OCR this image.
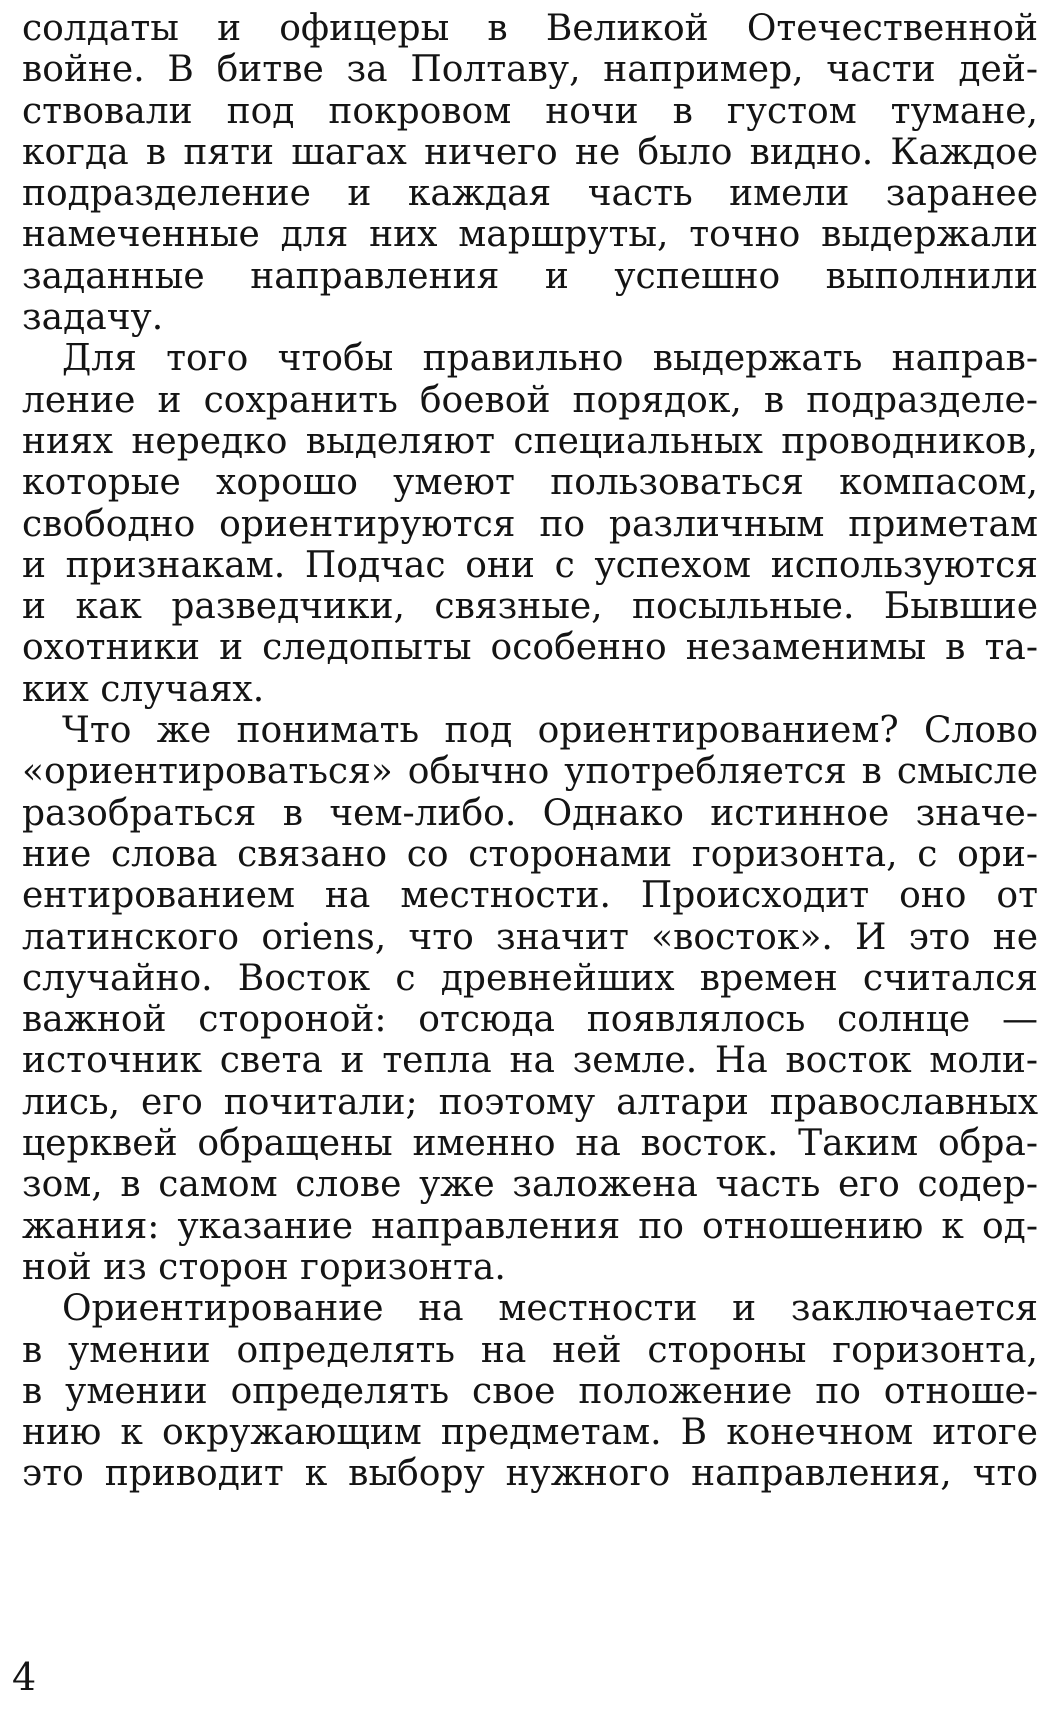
солдаты и офицеры в Великой Отечественной
войне. В битве за Полтаву, например, части дей-
ствовали под покровом ночи в густом тумане,
когда в пяти шагах ничего не было видно. Каждое
подразделение и каждая часть имели заранее
намеченные для них маршруты, точно выдержали
заданные направления и успешно выполнили
задачу.
Для того чтобы правильно выдержать направ-
ление и сохранить боевой порядок, в подразделе-
ниях нередко выделяют специальных проводников,
которые хорошо умеют пользоваться компасом,
свободно ориентируются по различным приметам
и признакам. Подчас они с успехом используются
и как разведчики, связные, посыльные. Бывшие
охотники и следопыты особенно незаменимы в та-
ких случаях.
Что же понимать под ориентированием? Слово
«ориентироваться» обычно употребляется в смысле
разобраться в чем-либо. Однако истинное значе-
ние слова связано со сторонами горизонта, с ори-
ентированием на местности. Происходит оно от
латинского oriens, что значит «восток». И это не
случайно. Восток с древнейших времен считался
важной стороной: отсюда появлялось солнце —
источник света и тепла на земле. На восток моли-
лись, его почитали; поэтому алтари православных
церквей обращены именно на восток. Таким обра-
зом, в самом слове уже заложена часть его содер-
жания: указание направления по отношению к од-
ной из сторон горизонта.
Ориентирование на местности и заключается
в умении определять на ней стороны горизонта,
в умении определять свое положение по отноше-
нию к окружающим предметам. В конечном итоге
это приводит к выбору нужного направления, что
4
